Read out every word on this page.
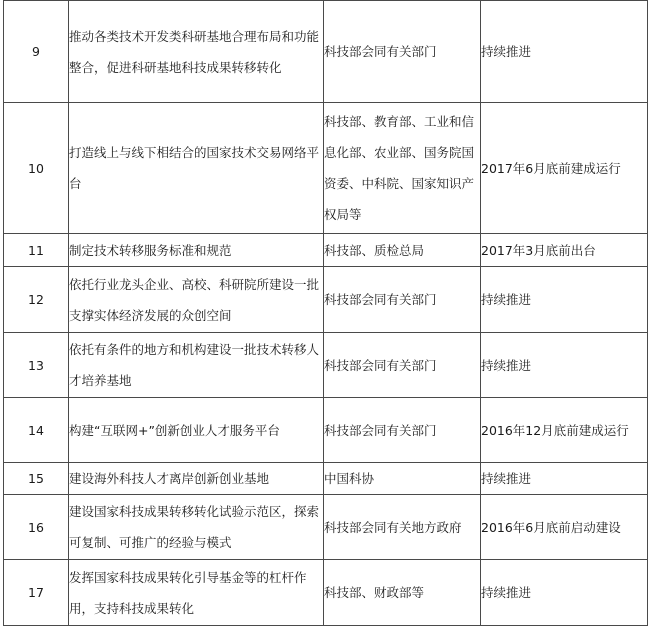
9	推动各类技术开发类科研基地合理布局和功能整合，促进科研基地科技成果转移转化	科技部会同有关部门	持续推进
10	打造线上与线下相结合的国家技术交易网络平台	科技部、教育部、工业和信息化部、农业部、国务院国资委、中科院、国家知识产权局等	2017年6月底前建成运行
11	制定技术转移服务标准和规范	科技部、质检总局	2017年3月底前出台
12	依托行业龙头企业、高校、科研院所建设一批支撑实体经济发展的众创空间	科技部会同有关部门	持续推进
13	依托有条件的地方和机构建设一批技术转移人才培养基地	科技部会同有关部门	持续推进
14	构建“互联网+”创新创业人才服务平台	科技部会同有关部门	2016年12月底前建成运行
15	建设海外科技人才离岸创新创业基地	中国科协	持续推进
16	建设国家科技成果转移转化试验示范区，探索可复制、可推广的经验与模式	科技部会同有关地方政府	2016年6月底前启动建设
17	发挥国家科技成果转化引导基金等的杠杆作用，支持科技成果转化	科技部、财政部等	持续推进
